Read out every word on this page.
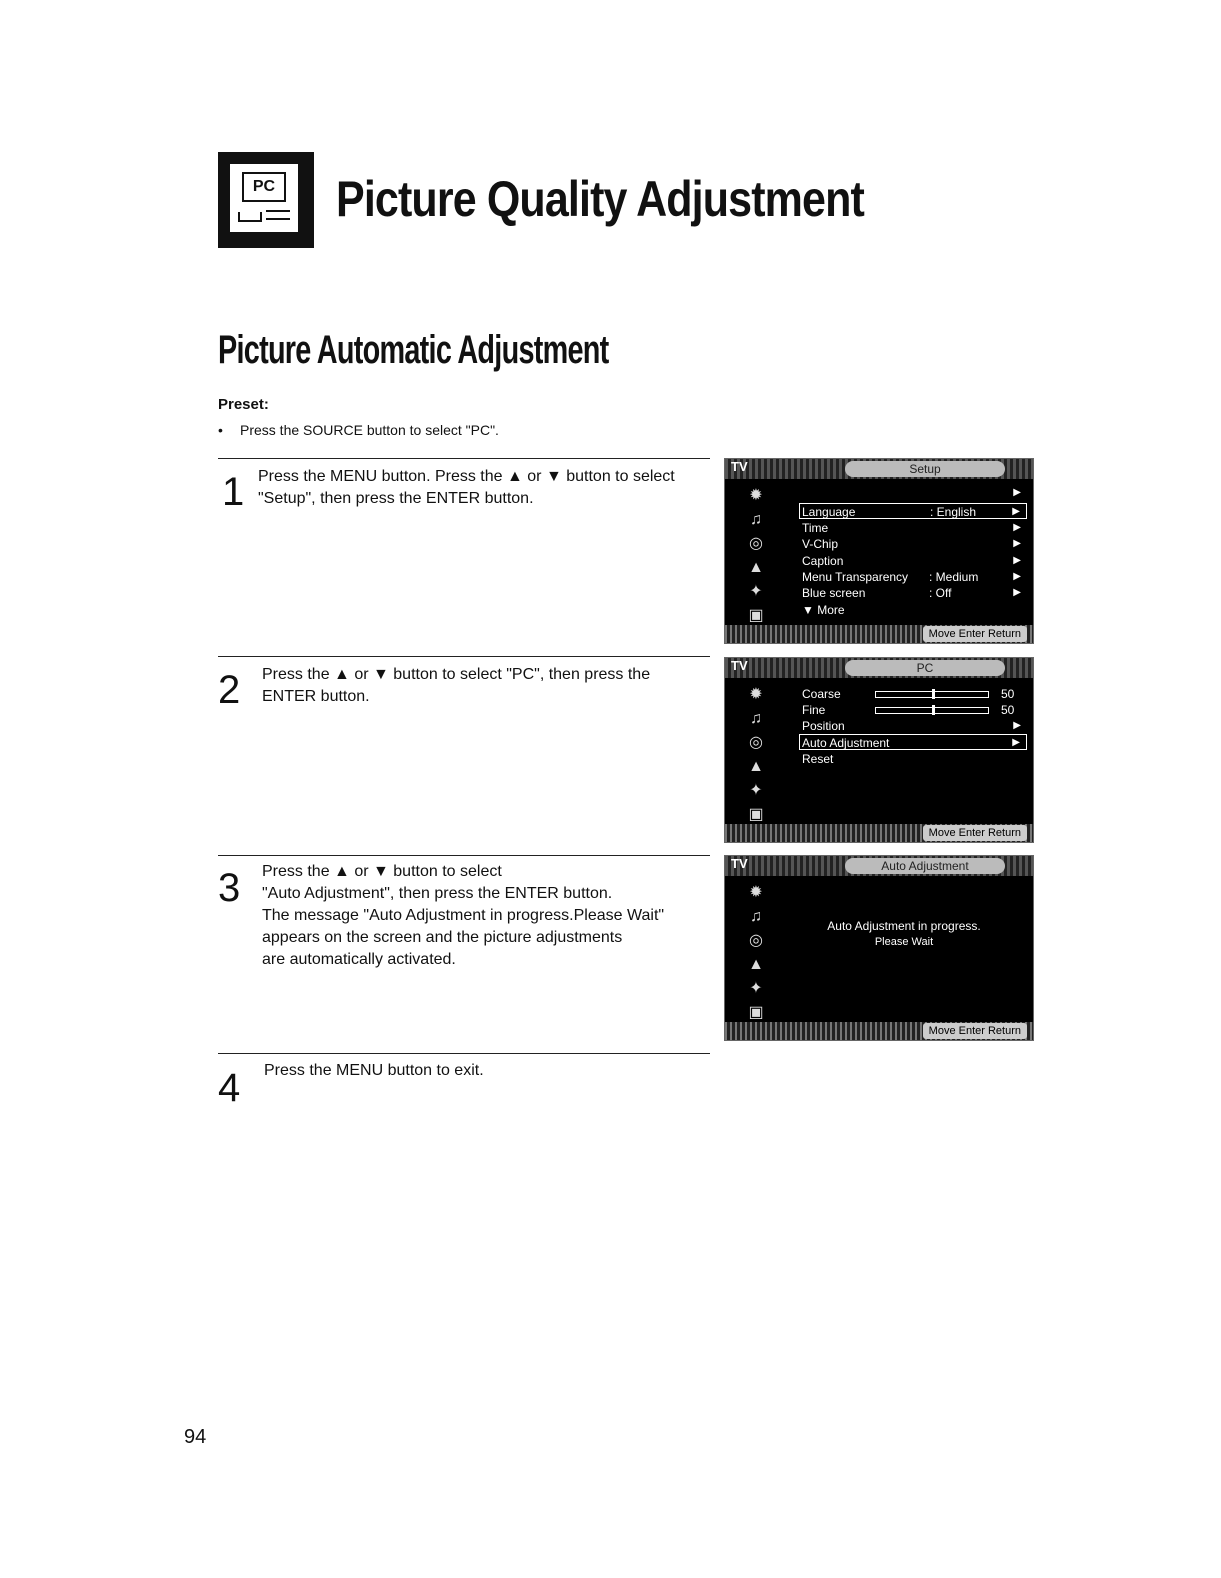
PC Picture Quality Adjustment
Picture Automatic Adjustment
Preset:
• Press the SOURCE button to select "PC".
1 Press the MENU button. Press the ▲ or ▼ button to select

"Setup", then press the ENTER button.

2 Press the ▲ or ▼ button to select "PC", then press the

ENTER button.

3 Press the ▲ or ▼ button to select

"Auto Adjustment", then press the ENTER button.

The message "Auto Adjustment in progress.Please Wait"

appears on the screen and the picture adjustments

are automatically activated.

4 Press the MENU button to exit.

TV	Setup
✹
♫
◎
▲
✦
▣
▶
Language	: English	▶
Time	▶
V-Chip	▶
Caption	▶
Menu Transparency : Medium	▶
Blue screen	: Off	▶
▼ More
Move Enter Return
TV	PC
✹
♫
◎
▲
✦
▣
Coarse	50
Fine	50
Position	▶
Auto Adjustment	▶
Reset
Move Enter Return
TV	Auto Adjustment
✹
♫
◎
▲
✦
▣
Auto Adjustment in progress.
Please Wait
Move Enter Return
94
